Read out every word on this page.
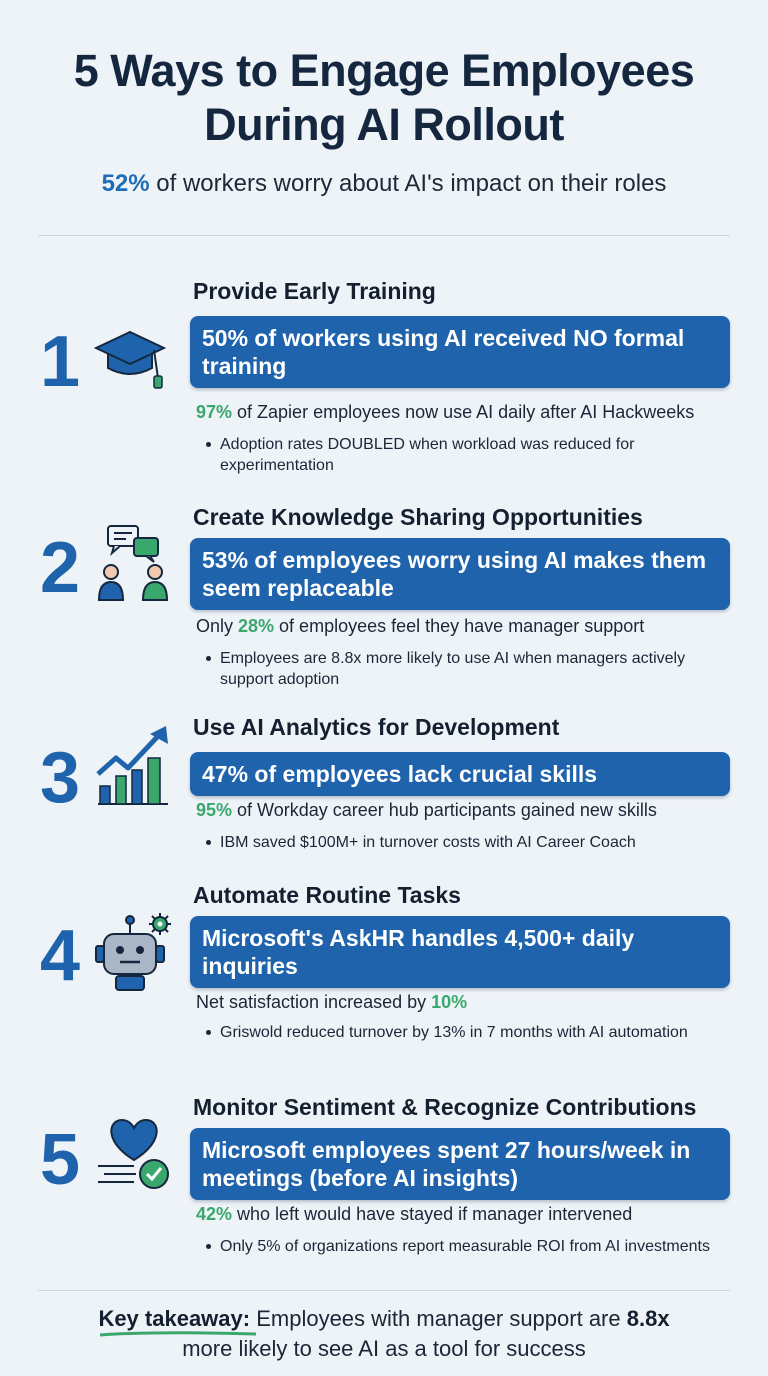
5 Ways to Engage Employees
During AI Rollout
52% of workers worry about AI's impact on their roles
1
Provide Early Training
50% of workers using AI received NO formal training
97% of Zapier employees now use AI daily after AI Hackweeks
Adoption rates DOUBLED when workload was reduced for experimentation
2
Create Knowledge Sharing Opportunities
53% of employees worry using AI makes them seem replaceable
Only 28% of employees feel they have manager support
Employees are 8.8x more likely to use AI when managers actively support adoption
3
Use AI Analytics for Development
47% of employees lack crucial skills
95% of Workday career hub participants gained new skills
IBM saved $100M+ in turnover costs with AI Career Coach
4
Automate Routine Tasks
Microsoft's AskHR handles 4,500+ daily inquiries
Net satisfaction increased by 10%
Griswold reduced turnover by 13% in 7 months with AI automation
5
Monitor Sentiment & Recognize Contributions
Microsoft employees spent 27 hours/week in meetings (before AI insights)
42% who left would have stayed if manager intervened
Only 5% of organizations report measurable ROI from AI investments
Key takeaway:
Employees with manager support are 8.8x
more likely to see AI as a tool for success
